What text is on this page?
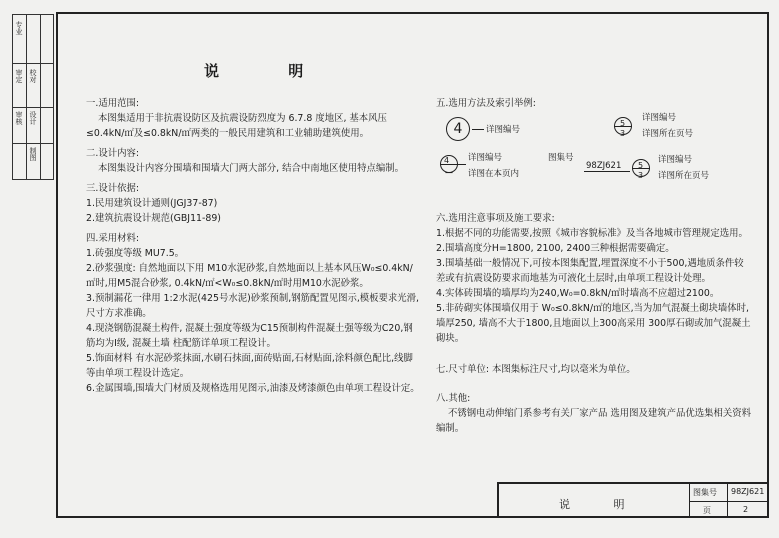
专业
审定
审核
校对
设计
制图
说 明

一.适用范围:

本图集适用于非抗震设防区及抗震设防烈度为 6.7.8 度地区, 基本风压≤0.4kN/㎡及≤0.8kN/㎡两类的一般民用建筑和工业辅助建筑使用。

二.设计内容:

本图集设计内容分围墙和围墙大门两大部分, 结合中南地区使用特点编制。

三.设计依据:

1.民用建筑设计通则(JGJ37-87)

2.建筑抗震设计规范(GBJ11-89)

四.采用材料:

1.砖强度等级 MU7.5。

2.砂浆强度: 自然地面以下用 M10水泥砂浆,自然地面以上基本风压W₀≤0.4kN/㎡时,用M5混合砂浆, 0.4kN/㎡<W₀≤0.8kN/㎡时用M10水泥砂浆。

3.预制漏花一律用 1:2水泥(425号水泥)砂浆预制,钢筋配置见图示,模板要求光滑,尺寸方求准确。

4.现浇钢筋混凝土构件, 混凝土强度等级为C15预制构件混凝土强等级为C20,钢筋均为Ⅰ级, 混凝土墙 柱配筋详单项工程设计。

5.饰面材料 有水泥砂浆抹面,水刷石抹面,面砖贴面,石材贴面,涂料颜色配比,线脚等由单项工程设计选定。

6.金属围墙,围墙大门材质及规格选用见图示,油漆及烤漆颜色由单项工程设计定。

五.选用方法及索引举例:

4	详图编号
4
—
详图编号
详图在本页内
图集号
98ZJ621
5
3
详图编号
详图所在页号
5
3
详图编号
详图所在页号

六.选用注意事项及施工要求:

1.根据不同的功能需要,按照《城市容貌标准》及当各地城市管理规定选用。

2.围墙高度分H=1800, 2100, 2400三种根据需要确定。

3.围墙基础一般情况下,可按本图集配置,埋置深度不小于500,遇地质条件较差或有抗震设防要求而地基为可液化土层时,由单项工程设计处理。

4.实体砖围墙的墙厚均为240,W₀=0.8kN/㎡时墙高不应超过2100。

5.非砖砌实体围墙仅用于 W₀≤0.8kN/㎡的地区,当为加气混凝土砌块墙体时,墙厚250, 墙高不大于1800,且地面以上300高采用 300厚石砌或加气混凝土砌块。

七.尺寸单位: 本图集标注尺寸,均以毫米为单位。

八.其他:

不锈钢电动伸缩门系参考有关厂家产品 选用图及建筑产品优选集相关资料编制。

说 明
图集号 98ZJ621
页	2
